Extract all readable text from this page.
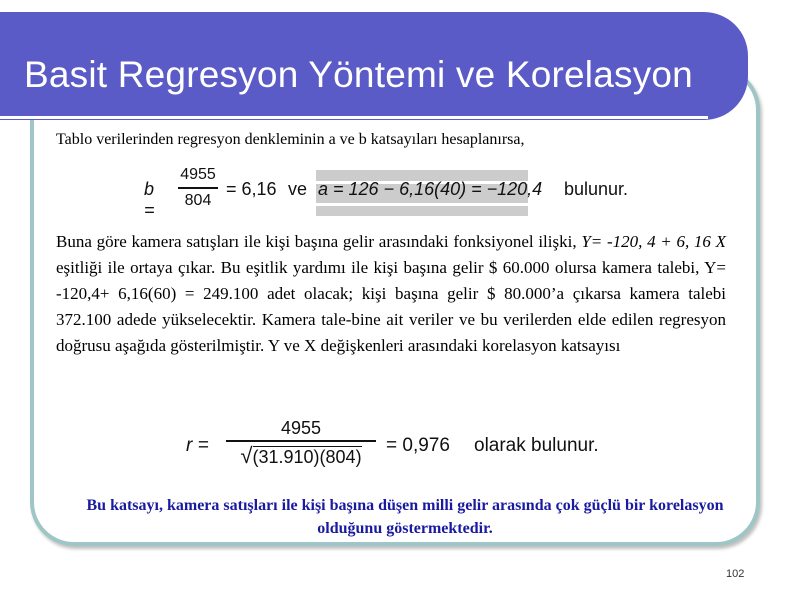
Basit Regresyon Yöntemi ve Korelasyon
Tablo verilerinden regresyon denkleminin a ve b katsayıları hesaplanırsa,
b =
4955
804
= 6,16 ve a = 126 − 6,16(40) = −120,4 bulunur.
Buna göre kamera satışları ile kişi başına gelir arasındaki fonksiyonel ilişki, Y= -120, 4 + 6, 16 X eşitliği ile ortaya çıkar. Bu eşitlik yardımı ile kişi başına gelir $ 60.000 olursa kamera talebi, Y= -120,4+ 6,16(60) = 249.100 adet olacak; kişi başına gelir $ 80.000’a çıkarsa kamera talebi 372.100 adede yükselecektir. Kamera tale-bine ait veriler ve bu verilerden elde edilen regresyon doğrusu aşağıda gösterilmiştir. Y ve X değişkenleri arasındaki korelasyon katsayısı
r =
4955
√(31.910)(804)
= 0,976 olarak bulunur.
Bu katsayı, kamera satışları ile kişi başına düşen milli gelir arasında çok güçlü bir korelasyon olduğunu göstermektedir.
102
